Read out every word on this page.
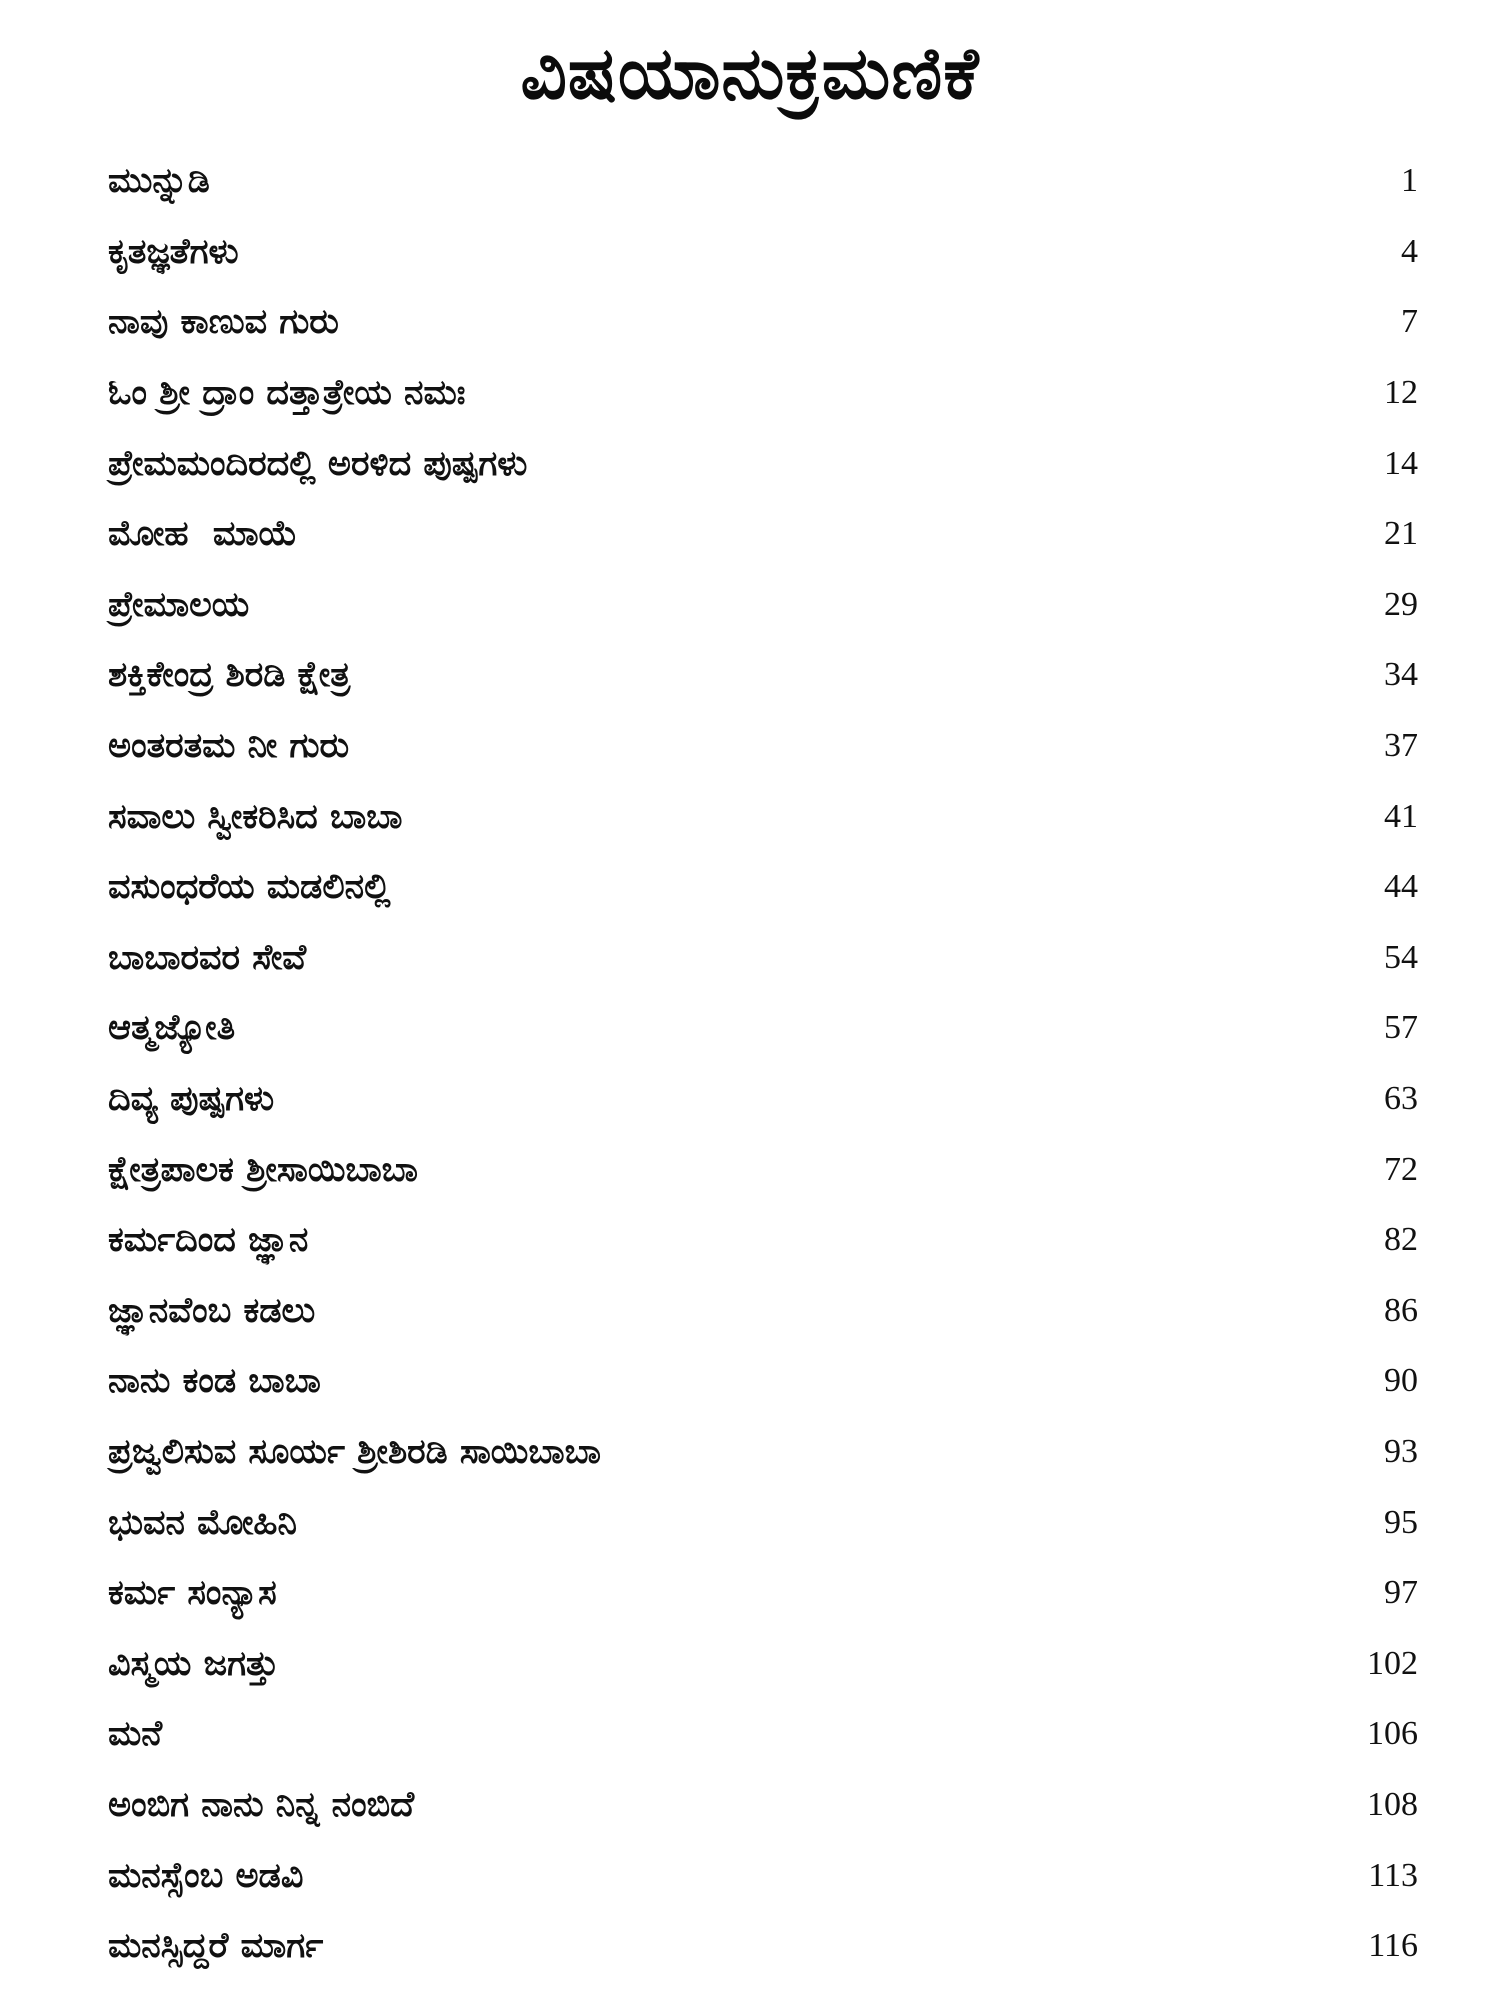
ವಿಷಯಾನುಕ್ರಮಣಿಕೆ
ಮುನ್ನುಡಿ	1
ಕೃತಜ್ಞತೆಗಳು	4
ನಾವು ಕಾಣುವ ಗುರು	7
ಓಂ ಶ್ರೀ ದ್ರಾಂ ದತ್ತಾತ್ರೇಯ ನಮಃ	12
ಪ್ರೇಮಮಂದಿರದಲ್ಲಿ ಅರಳಿದ ಪುಷ್ಪಗಳು	14
ಮೋಹ  ಮಾಯೆ	21
ಪ್ರೇಮಾಲಯ	29
ಶಕ್ತಿಕೇಂದ್ರ ಶಿರಡಿ ಕ್ಷೇತ್ರ	34
ಅಂತರತಮ ನೀ ಗುರು	37
ಸವಾಲು ಸ್ವೀಕರಿಸಿದ ಬಾಬಾ	41
ವಸುಂಧರೆಯ ಮಡಲಿನಲ್ಲಿ	44
ಬಾಬಾರವರ ಸೇವೆ	54
ಆತ್ಮಜ್ಯೋತಿ	57
ದಿವ್ಯ ಪುಷ್ಪಗಳು	63
ಕ್ಷೇತ್ರಪಾಲಕ ಶ್ರೀಸಾಯಿಬಾಬಾ	72
ಕರ್ಮದಿಂದ ಜ್ಞಾನ	82
ಜ್ಞಾನವೆಂಬ ಕಡಲು	86
ನಾನು ಕಂಡ ಬಾಬಾ	90
ಪ್ರಜ್ವಲಿಸುವ ಸೂರ್ಯ ಶ್ರೀಶಿರಡಿ ಸಾಯಿಬಾಬಾ	93
ಭುವನ ಮೋಹಿನಿ	95
ಕರ್ಮ ಸಂನ್ಯಾಸ	97
ವಿಸ್ಮಯ ಜಗತ್ತು	102
ಮನೆ	106
ಅಂಬಿಗ ನಾನು ನಿನ್ನ ನಂಬಿದೆ	108
ಮನಸ್ಸೆಂಬ ಅಡವಿ	113
ಮನಸ್ಸಿದ್ದರೆ ಮಾರ್ಗ	116
